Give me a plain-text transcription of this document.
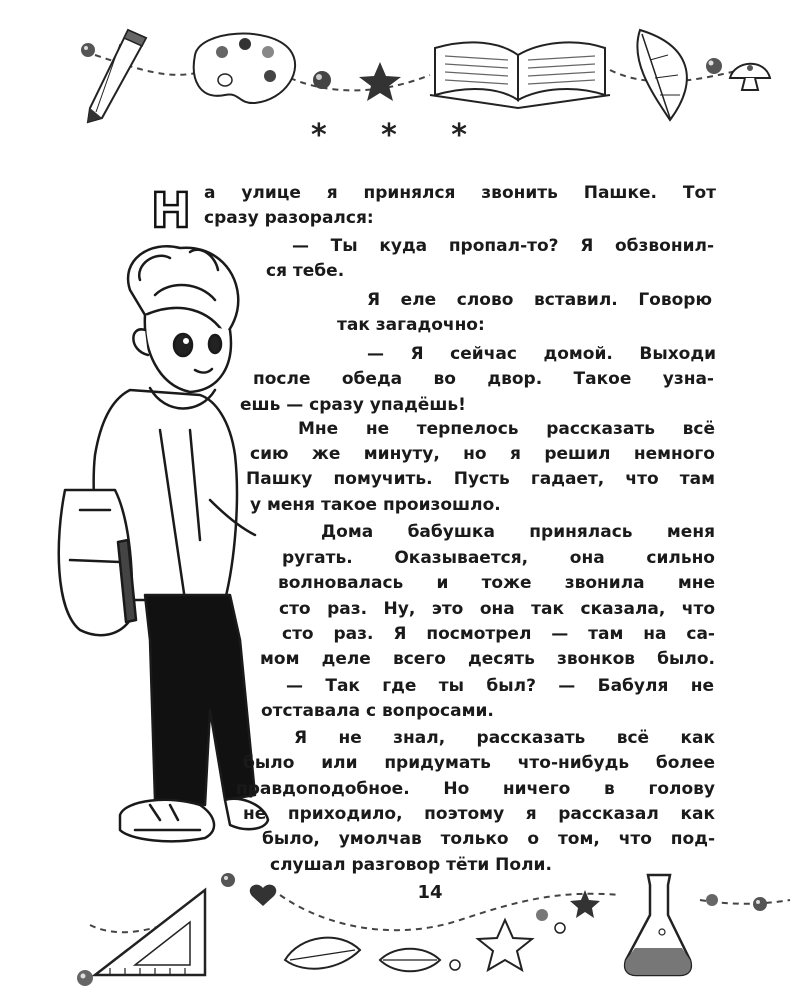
* * *
Н а улице я принялся звонить Пашке. Тот
сразу разорался:
— Ты куда пропал-то? Я обзвонил-
ся тебе.
Я еле слово вставил. Говорю
так загадочно:
— Я сейчас домой. Выходи
после обеда во двор. Такое узна-
ешь — сразу упадёшь!
Мне не терпелось рассказать всё
сию же минуту, но я решил немного
Пашку помучить. Пусть гадает, что там
у меня такое произошло.
Дома бабушка принялась меня
ругать. Оказывается, она сильно
волновалась и тоже звонила мне
сто раз. Ну, это она так сказала, что
сто раз. Я посмотрел — там на са-
мом деле всего десять звонков было.
— Так где ты был? — Бабуля не
отставала с вопросами.
Я не знал, рассказать всё как
было или придумать что-нибудь более
правдоподобное. Но ничего в голову
не приходило, поэтому я рассказал как
было, умолчав только о том, что под-
слушал разговор тёти Поли.
14
